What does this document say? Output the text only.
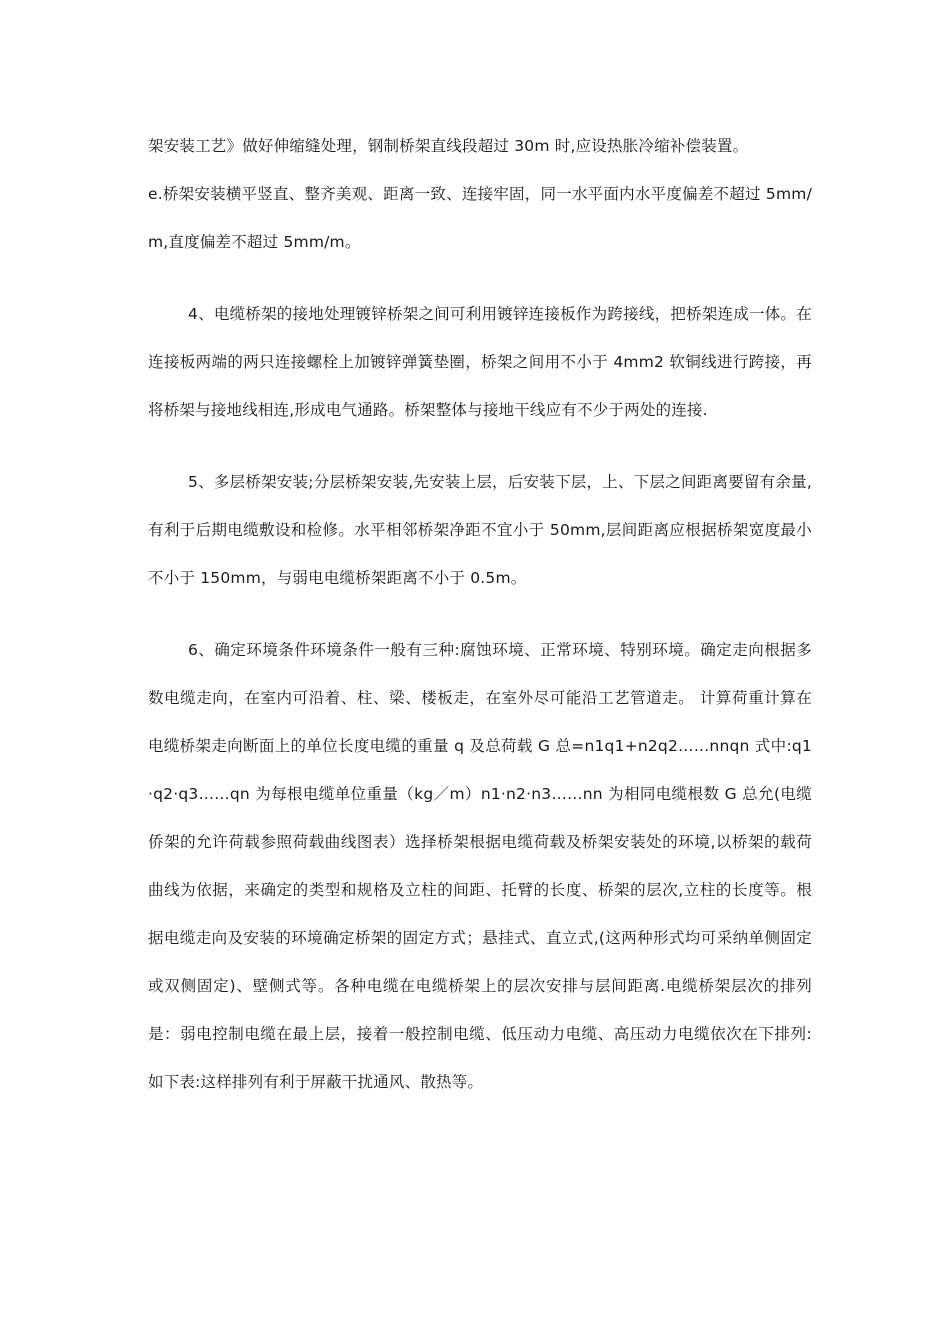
架安装工艺》做好伸缩缝处理，钢制桥架直线段超过 30m 时,应设热胀冷缩补偿装置。

e.桥架安装横平竖直、整齐美观、距离一致、连接牢固，同一水平面内水平度偏差不超过 5mm/m,直度偏差不超过 5mm/m。

4、电缆桥架的接地处理镀锌桥架之间可利用镀锌连接板作为跨接线，把桥架连成一体。在连接板两端的两只连接螺栓上加镀锌弹簧垫圈，桥架之间用不小于 4mm2 软铜线进行跨接，再将桥架与接地线相连,形成电气通路。桥架整体与接地干线应有不少于两处的连接.

5、多层桥架安装;分层桥架安装,先安装上层，后安装下层，上、下层之间距离要留有余量,有利于后期电缆敷设和检修。水平相邻桥架净距不宜小于 50mm,层间距离应根据桥架宽度最小不小于 150mm，与弱电电缆桥架距离不小于 0.5m。

6、确定环境条件环境条件一般有三种:腐蚀环境、正常环境、特别环境。确定走向根据多数电缆走向，在室内可沿着、柱、梁、楼板走，在室外尽可能沿工艺管道走。 计算荷重计算在电缆桥架走向断面上的单位长度电缆的重量 q 及总荷载 G 总=n1q1+n2q2……nnqn 式中:q1·q2·q3……qn 为每根电缆单位重量（kg／m）n1·n2·n3……nn 为相同电缆根数 G 总允(电缆侨架的允许荷载参照荷载曲线图表）选择桥架根据电缆荷载及桥架安装处的环境,以桥架的载荷曲线为依据，来确定的类型和规格及立柱的间距、托臂的长度、桥架的层次,立柱的长度等。根据电缆走向及安装的环境确定桥架的固定方式；悬挂式、直立式,(这两种形式均可采纳单侧固定或双侧固定)、壁侧式等。各种电缆在电缆桥架上的层次安排与层间距离.电缆桥架层次的排列是：弱电控制电缆在最上层，接着一般控制电缆、低压动力电缆、高压动力电缆依次在下排列:如下表:这样排列有利于屏蔽干扰通风、散热等。
